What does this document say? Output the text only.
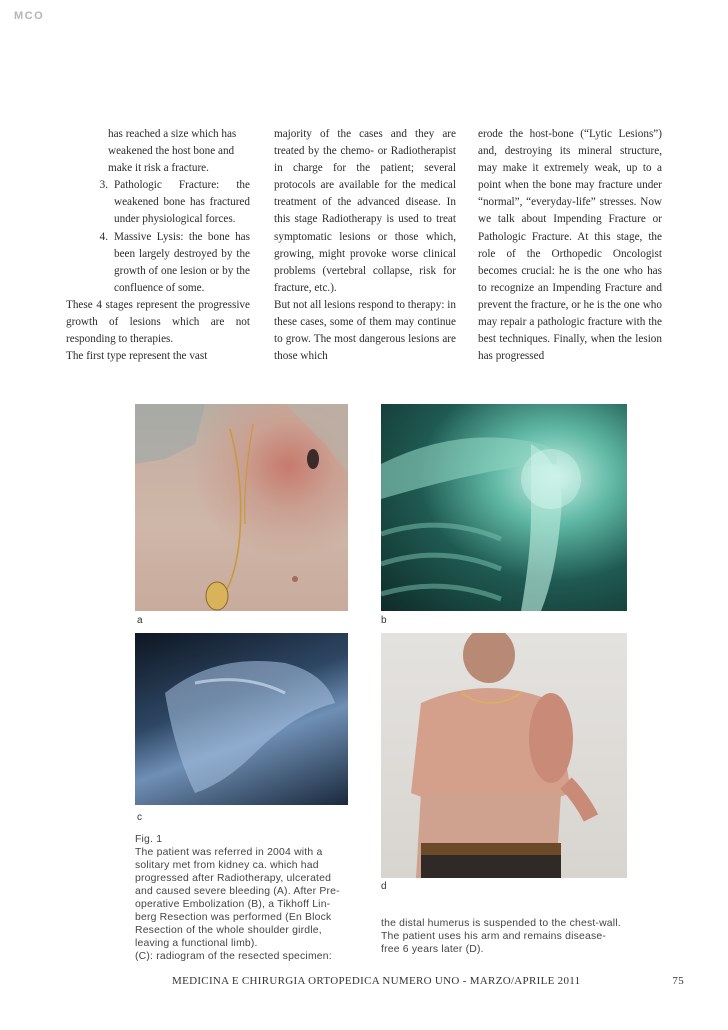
MCO

has reached a size which has

weakened the host bone and

make it risk a fracture.

3. Pathologic Fracture: the weakened bone has fractured under physiological forces.
4. Massive Lysis: the bone has been largely destroyed by the growth of one lesion or by the confluence of some.

These 4 stages represent the progressive growth of lesions which are not responding to therapies.

The first type represent the vast

majority of the cases and they are treated by the chemo- or Radiotherapist in charge for the patient; several protocols are available for the medical treatment of the advanced disease. In this stage Radiotherapy is used to treat symptomatic lesions or those which, growing, might provoke worse clinical problems (vertebral collapse, risk for fracture, etc.).

But not all lesions respond to therapy: in these cases, some of them may continue to grow. The most dangerous lesions are those which

erode the host-bone (“Lytic Lesions”) and, destroying its mineral structure, may make it extremely weak, up to a point when the bone may fracture under “normal”, “everyday-life” stresses. Now we talk about Impending Fracture or Pathologic Fracture. At this stage, the role of the Orthopedic Oncologist becomes crucial: he is the one who has to recognize an Impending Fracture and prevent the fracture, or he is the one who may repair a pathologic fracture with the best techniques. Finally, when the lesion has progressed

a	b
c
d
Fig. 1
The patient was referred in 2004 with a
solitary met from kidney ca. which had
progressed after Radiotherapy, ulcerated
and caused severe bleeding (A). After Pre-
operative Embolization (B), a Tikhoff Lin-
berg Resection was performed (En Block
Resection of the whole shoulder girdle,
leaving a functional limb).
(C): radiogram of the resected specimen:
the distal humerus is suspended to the chest-wall.
The patient uses his arm and remains disease-
free 6 years later (D).
MEDICINA E CHIRURGIA ORTOPEDICA NUMERO UNO - MARZO/APRILE 2011	75
